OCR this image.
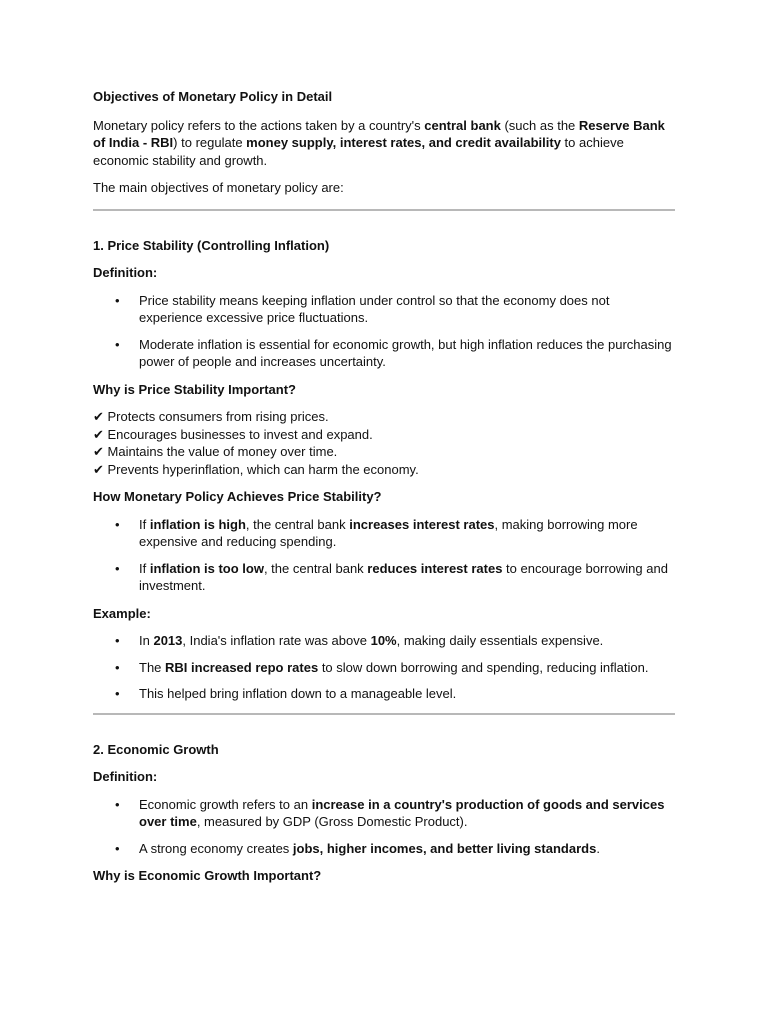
Objectives of Monetary Policy in Detail

Monetary policy refers to the actions taken by a country's central bank (such as the Reserve Bank of India - RBI) to regulate money supply, interest rates, and credit availability to achieve economic stability and growth.

The main objectives of monetary policy are:

1. Price Stability (Controlling Inflation)

Definition:

• Price stability means keeping inflation under control so that the economy does not experience excessive price fluctuations.
• Moderate inflation is essential for economic growth, but high inflation reduces the purchasing power of people and increases uncertainty.

Why is Price Stability Important?

✔ Protects consumers from rising prices.
✔ Encourages businesses to invest and expand.
✔ Maintains the value of money over time.
✔ Prevents hyperinflation, which can harm the economy.

How Monetary Policy Achieves Price Stability?

• If inflation is high, the central bank increases interest rates, making borrowing more expensive and reducing spending.
• If inflation is too low, the central bank reduces interest rates to encourage borrowing and investment.

Example:

• In 2013, India's inflation rate was above 10%, making daily essentials expensive.
• The RBI increased repo rates to slow down borrowing and spending, reducing inflation.
• This helped bring inflation down to a manageable level.

2. Economic Growth

Definition:

• Economic growth refers to an increase in a country's production of goods and services over time, measured by GDP (Gross Domestic Product).
• A strong economy creates jobs, higher incomes, and better living standards.

Why is Economic Growth Important?
